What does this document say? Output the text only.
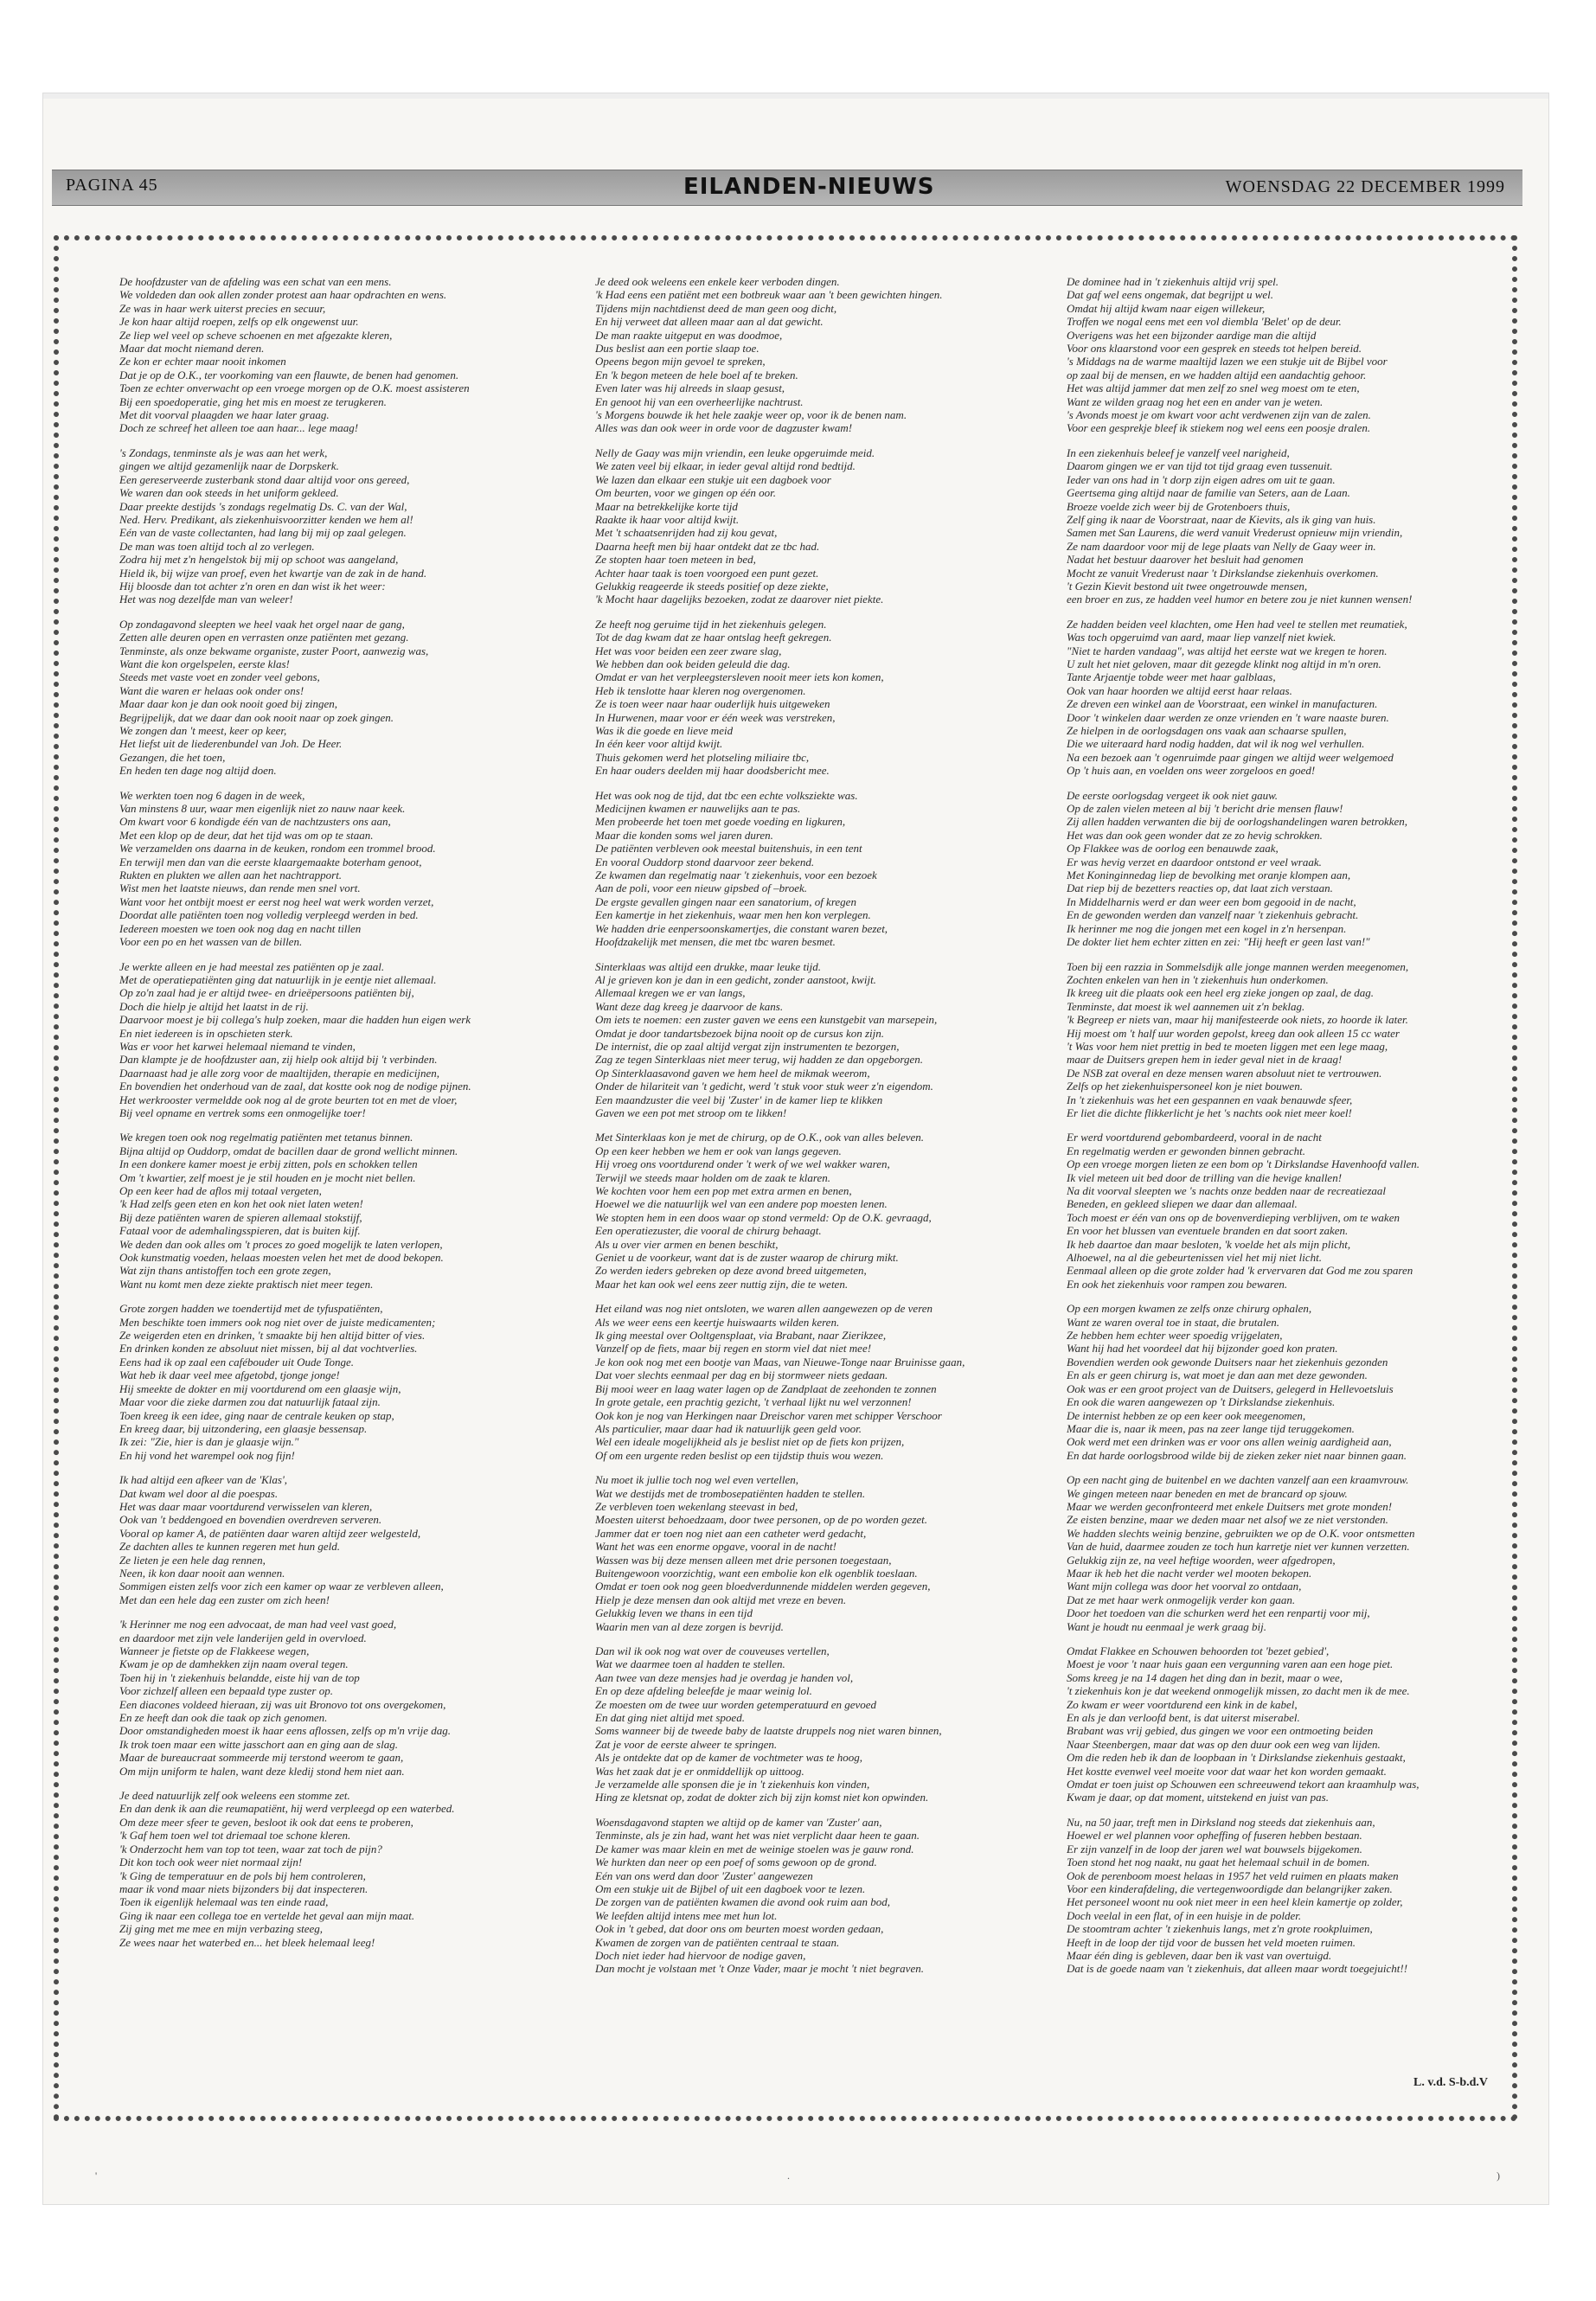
PAGINA 45	EILANDEN-NIEUWS	WOENSDAG 22 DECEMBER 1999
De hoofdzuster van de afdeling was een schat van een mens.
We voldeden dan ook allen zonder protest aan haar opdrachten en wens.
Ze was in haar werk uiterst precies en secuur,
Je kon haar altijd roepen, zelfs op elk ongewenst uur.
Ze liep wel veel op scheve schoenen en met afgezakte kleren,
Maar dat mocht niemand deren.
Ze kon er echter maar nooit inkomen
Dat je op de O.K., ter voorkoming van een flauwte, de benen had genomen.
Toen ze echter onverwacht op een vroege morgen op de O.K. moest assisteren
Bij een spoedoperatie, ging het mis en moest ze terugkeren.
Met dit voorval plaagden we haar later graag.
Doch ze schreef het alleen toe aan haar... lege maag!
's Zondags, tenminste als je was aan het werk,
gingen we altijd gezamenlijk naar de Dorpskerk.
Een gereserveerde zusterbank stond daar altijd voor ons gereed,
We waren dan ook steeds in het uniform gekleed.
Daar preekte destijds 's zondags regelmatig Ds. C. van der Wal,
Ned. Herv. Predikant, als ziekenhuisvoorzitter kenden we hem al!
Eén van de vaste collectanten, had lang bij mij op zaal gelegen.
De man was toen altijd toch al zo verlegen.
Zodra hij met z'n hengelstok bij mij op schoot was aangeland,
Hield ik, bij wijze van proef, even het kwartje van de zak in de hand.
Hij bloosde dan tot achter z'n oren en dan wist ik het weer:
Het was nog dezelfde man van weleer!
Op zondagavond sleepten we heel vaak het orgel naar de gang,
Zetten alle deuren open en verrasten onze patiënten met gezang.
Tenminste, als onze bekwame organiste, zuster Poort, aanwezig was,
Want die kon orgelspelen, eerste klas!
Steeds met vaste voet en zonder veel gebons,
Want die waren er helaas ook onder ons!
Maar daar kon je dan ook nooit goed bij zingen,
Begrijpelijk, dat we daar dan ook nooit naar op zoek gingen.
We zongen dan 't meest, keer op keer,
Het liefst uit de liederenbundel van Joh. De Heer.
Gezangen, die het toen,
En heden ten dage nog altijd doen.
We werkten toen nog 6 dagen in de week,
Van minstens 8 uur, waar men eigenlijk niet zo nauw naar keek.
Om kwart voor 6 kondigde één van de nachtzusters ons aan,
Met een klop op de deur, dat het tijd was om op te staan.
We verzamelden ons daarna in de keuken, rondom een trommel brood.
En terwijl men dan van die eerste klaargemaakte boterham genoot,
Rukten en plukten we allen aan het nachtrapport.
Wist men het laatste nieuws, dan rende men snel vort.
Want voor het ontbijt moest er eerst nog heel wat werk worden verzet,
Doordat alle patiënten toen nog volledig verpleegd werden in bed.
Iedereen moesten we toen ook nog dag en nacht tillen
Voor een po en het wassen van de billen.
Je werkte alleen en je had meestal zes patiënten op je zaal.
Met de operatiepatiënten ging dat natuurlijk in je eentje niet allemaal.
Op zo'n zaal had je er altijd twee- en drieëpersoons patiënten bij,
Doch die hielp je altijd het laatst in de rij.
Daarvoor moest je bij collega's hulp zoeken, maar die hadden hun eigen werk
En niet iedereen is in opschieten sterk.
Was er voor het karwei helemaal niemand te vinden,
Dan klampte je de hoofdzuster aan, zij hielp ook altijd bij 't verbinden.
Daarnaast had je alle zorg voor de maaltijden, therapie en medicijnen,
En bovendien het onderhoud van de zaal, dat kostte ook nog de nodige pijnen.
Het werkrooster vermeldde ook nog al de grote beurten tot en met de vloer,
Bij veel opname en vertrek soms een onmogelijke toer!
We kregen toen ook nog regelmatig patiënten met tetanus binnen.
Bijna altijd op Ouddorp, omdat de bacillen daar de grond wellicht minnen.
In een donkere kamer moest je erbij zitten, pols en schokken tellen
Om 't kwartier, zelf moest je je stil houden en je mocht niet bellen.
Op een keer had de aflos mij totaal vergeten,
'k Had zelfs geen eten en kon het ook niet laten weten!
Bij deze patiënten waren de spieren allemaal stokstijf,
Fataal voor de ademhalingsspieren, dat is buiten kijf.
We deden dan ook alles om 't proces zo goed mogelijk te laten verlopen,
Ook kunstmatig voeden, helaas moesten velen het met de dood bekopen.
Wat zijn thans antistoffen toch een grote zegen,
Want nu komt men deze ziekte praktisch niet meer tegen.
Grote zorgen hadden we toendertijd met de tyfuspatiënten,
Men beschikte toen immers ook nog niet over de juiste medicamenten;
Ze weigerden eten en drinken, 't smaakte bij hen altijd bitter of vies.
En drinken konden ze absoluut niet missen, bij al dat vochtverlies.
Eens had ik op zaal een cafébouder uit Oude Tonge.
Wat heb ik daar veel mee afgetobd, tjonge jonge!
Hij smeekte de dokter en mij voortdurend om een glaasje wijn,
Maar voor die zieke darmen zou dat natuurlijk fataal zijn.
Toen kreeg ik een idee, ging naar de centrale keuken op stap,
En kreeg daar, bij uitzondering, een glaasje bessensap.
Ik zei: "Zie, hier is dan je glaasje wijn."
En hij vond het warempel ook nog fijn!
Ik had altijd een afkeer van de 'Klas',
Dat kwam wel door al die poespas.
Het was daar maar voortdurend verwisselen van kleren,
Ook van 't beddengoed en bovendien overdreven serveren.
Vooral op kamer A, de patiënten daar waren altijd zeer welgesteld,
Ze dachten alles te kunnen regeren met hun geld.
Ze lieten je een hele dag rennen,
Neen, ik kon daar nooit aan wennen.
Sommigen eisten zelfs voor zich een kamer op waar ze verbleven alleen,
Met dan een hele dag een zuster om zich heen!
'k Herinner me nog een advocaat, de man had veel vast goed,
en daardoor met zijn vele landerijen geld in overvloed.
Wanneer je fietste op de Flakkeese wegen,
Kwam je op de damhekken zijn naam overal tegen.
Toen hij in 't ziekenhuis belandde, eiste hij van de top
Voor zichzelf alleen een bepaald type zuster op.
Een diacones voldeed hieraan, zij was uit Bronovo tot ons overgekomen,
En ze heeft dan ook die taak op zich genomen.
Door omstandigheden moest ik haar eens aflossen, zelfs op m'n vrije dag.
Ik trok toen maar een witte jasschort aan en ging aan de slag.
Maar de bureaucraat sommeerde mij terstond weerom te gaan,
Om mijn uniform te halen, want deze kledij stond hem niet aan.
Je deed natuurlijk zelf ook weleens een stomme zet.
En dan denk ik aan die reumapatiënt, hij werd verpleegd op een waterbed.
Om deze meer sfeer te geven, besloot ik ook dat eens te proberen,
'k Gaf hem toen wel tot driemaal toe schone kleren.
'k Onderzocht hem van top tot teen, waar zat toch de pijn?
Dit kon toch ook weer niet normaal zijn!
'k Ging de temperatuur en de pols bij hem controleren,
maar ik vond maar niets bijzonders bij dat inspecteren.
Toen ik eigenlijk helemaal was ten einde raad,
Ging ik naar een collega toe en vertelde het geval aan mijn maat.
Zij ging met me mee en mijn verbazing steeg,
Ze wees naar het waterbed en... het bleek helemaal leeg!
Je deed ook weleens een enkele keer verboden dingen.
'k Had eens een patiënt met een botbreuk waar aan 't been gewichten hingen.
Tijdens mijn nachtdienst deed de man geen oog dicht,
En hij verweet dat alleen maar aan al dat gewicht.
De man raakte uitgeput en was doodmoe,
Dus beslist aan een portie slaap toe.
Opeens begon mijn gevoel te spreken,
En 'k begon meteen de hele boel af te breken.
Even later was hij alreeds in slaap gesust,
En genoot hij van een overheerlijke nachtrust.
's Morgens bouwde ik het hele zaakje weer op, voor ik de benen nam.
Alles was dan ook weer in orde voor de dagzuster kwam!
Nelly de Gaay was mijn vriendin, een leuke opgeruimde meid.
We zaten veel bij elkaar, in ieder geval altijd rond bedtijd.
We lazen dan elkaar een stukje uit een dagboek voor
Om beurten, voor we gingen op één oor.
Maar na betrekkelijke korte tijd
Raakte ik haar voor altijd kwijt.
Met 't schaatsenrijden had zij kou gevat,
Daarna heeft men bij haar ontdekt dat ze tbc had.
Ze stopten haar toen meteen in bed,
Achter haar taak is toen voorgoed een punt gezet.
Gelukkig reageerde ik steeds positief op deze ziekte,
'k Mocht haar dagelijks bezoeken, zodat ze daarover niet piekte.
Ze heeft nog geruime tijd in het ziekenhuis gelegen.
Tot de dag kwam dat ze haar ontslag heeft gekregen.
Het was voor beiden een zeer zware slag,
We hebben dan ook beiden geleuld die dag.
Omdat er van het verpleegstersleven nooit meer iets kon komen,
Heb ik tenslotte haar kleren nog overgenomen.
Ze is toen weer naar haar ouderlijk huis uitgeweken
In Hurwenen, maar voor er één week was verstreken,
Was ik die goede en lieve meid
In één keer voor altijd kwijt.
Thuis gekomen werd het plotseling miliaire tbc,
En haar ouders deelden mij haar doodsbericht mee.
Het was ook nog de tijd, dat tbc een echte volksziekte was.
Medicijnen kwamen er nauwelijks aan te pas.
Men probeerde het toen met goede voeding en ligkuren,
Maar die konden soms wel jaren duren.
De patiënten verbleven ook meestal buitenshuis, in een tent
En vooral Ouddorp stond daarvoor zeer bekend.
Ze kwamen dan regelmatig naar 't ziekenhuis, voor een bezoek
Aan de poli, voor een nieuw gipsbed of –broek.
De ergste gevallen gingen naar een sanatorium, of kregen
Een kamertje in het ziekenhuis, waar men hen kon verplegen.
We hadden drie eenpersoonskamertjes, die constant waren bezet,
Hoofdzakelijk met mensen, die met tbc waren besmet.
Sinterklaas was altijd een drukke, maar leuke tijd.
Al je grieven kon je dan in een gedicht, zonder aanstoot, kwijt.
Allemaal kregen we er van langs,
Want deze dag kreeg je daarvoor de kans.
Om iets te noemen: een zuster gaven we eens een kunstgebit van marsepein,
Omdat je door tandartsbezoek bijna nooit op de cursus kon zijn.
De internist, die op zaal altijd vergat zijn instrumenten te bezorgen,
Zag ze tegen Sinterklaas niet meer terug, wij hadden ze dan opgeborgen.
Op Sinterklaasavond gaven we hem heel de mikmak weerom,
Onder de hilariteit van 't gedicht, werd 't stuk voor stuk weer z'n eigendom.
Een maandzuster die veel bij 'Zuster' in de kamer liep te klikken
Gaven we een pot met stroop om te likken!
Met Sinterklaas kon je met de chirurg, op de O.K., ook van alles beleven.
Op een keer hebben we hem er ook van langs gegeven.
Hij vroeg ons voortdurend onder 't werk of we wel wakker waren,
Terwijl we steeds maar holden om de zaak te klaren.
We kochten voor hem een pop met extra armen en benen,
Hoewel we die natuurlijk wel van een andere pop moesten lenen.
We stopten hem in een doos waar op stond vermeld: Op de O.K. gevraagd,
Een operatiezuster, die vooral de chirurg behaagt.
Als u over vier armen en benen beschikt,
Geniet u de voorkeur, want dat is de zuster waarop de chirurg mikt.
Zo werden ieders gebreken op deze avond breed uitgemeten,
Maar het kan ook wel eens zeer nuttig zijn, die te weten.
Het eiland was nog niet ontsloten, we waren allen aangewezen op de veren
Als we weer eens een keertje huiswaarts wilden keren.
Ik ging meestal over Ooltgensplaat, via Brabant, naar Zierikzee,
Vanzelf op de fiets, maar bij regen en storm viel dat niet mee!
Je kon ook nog met een bootje van Maas, van Nieuwe-Tonge naar Bruinisse gaan,
Dat voer slechts eenmaal per dag en bij stormweer niets gedaan.
Bij mooi weer en laag water lagen op de Zandplaat de zeehonden te zonnen
In grote getale, een prachtig gezicht, 't verhaal lijkt nu wel verzonnen!
Ook kon je nog van Herkingen naar Dreischor varen met schipper Verschoor
Als particulier, maar daar had ik natuurlijk geen geld voor.
Wel een ideale mogelijkheid als je beslist niet op de fiets kon prijzen,
Of om een urgente reden beslist op een tijdstip thuis wou wezen.
Nu moet ik jullie toch nog wel even vertellen,
Wat we destijds met de trombosepatiënten hadden te stellen.
Ze verbleven toen wekenlang steevast in bed,
Moesten uiterst behoedzaam, door twee personen, op de po worden gezet.
Jammer dat er toen nog niet aan een catheter werd gedacht,
Want het was een enorme opgave, vooral in de nacht!
Wassen was bij deze mensen alleen met drie personen toegestaan,
Buitengewoon voorzichtig, want een embolie kon elk ogenblik toeslaan.
Omdat er toen ook nog geen bloedverdunnende middelen werden gegeven,
Hielp je deze mensen dan ook altijd met vreze en beven.
Gelukkig leven we thans in een tijd
Waarin men van al deze zorgen is bevrijd.
Dan wil ik ook nog wat over de couveuses vertellen,
Wat we daarmee toen al hadden te stellen.
Aan twee van deze mensjes had je overdag je handen vol,
En op deze afdeling beleefde je maar weinig lol.
Ze moesten om de twee uur worden getemperatuurd en gevoed
En dat ging niet altijd met spoed.
Soms wanneer bij de tweede baby de laatste druppels nog niet waren binnen,
Zat je voor de eerste alweer te springen.
Als je ontdekte dat op de kamer de vochtmeter was te hoog,
Was het zaak dat je er onmiddellijk op uittoog.
Je verzamelde alle sponsen die je in 't ziekenhuis kon vinden,
Hing ze kletsnat op, zodat de dokter zich bij zijn komst niet kon opwinden.
Woensdagavond stapten we altijd op de kamer van 'Zuster' aan,
Tenminste, als je zin had, want het was niet verplicht daar heen te gaan.
De kamer was maar klein en met de weinige stoelen was je gauw rond.
We hurkten dan neer op een poef of soms gewoon op de grond.
Eén van ons werd dan door 'Zuster' aangewezen
Om een stukje uit de Bijbel of uit een dagboek voor te lezen.
De zorgen van de patiënten kwamen die avond ook ruim aan bod,
We leefden altijd intens mee met hun lot.
Ook in 't gebed, dat door ons om beurten moest worden gedaan,
Kwamen de zorgen van de patiënten centraal te staan.
Doch niet ieder had hiervoor de nodige gaven,
Dan mocht je volstaan met 't Onze Vader, maar je mocht 't niet begraven.
De dominee had in 't ziekenhuis altijd vrij spel.
Dat gaf wel eens ongemak, dat begrijpt u wel.
Omdat hij altijd kwam naar eigen willekeur,
Troffen we nogal eens met een vol diembla 'Belet' op de deur.
Overigens was het een bijzonder aardige man die altijd
Voor ons klaarstond voor een gesprek en steeds tot helpen bereid.
's Middags na de warme maaltijd lazen we een stukje uit de Bijbel voor
op zaal bij de mensen, en we hadden altijd een aandachtig gehoor.
Het was altijd jammer dat men zelf zo snel weg moest om te eten,
Want ze wilden graag nog het een en ander van je weten.
's Avonds moest je om kwart voor acht verdwenen zijn van de zalen.
Voor een gesprekje bleef ik stiekem nog wel eens een poosje dralen.
In een ziekenhuis beleef je vanzelf veel narigheid,
Daarom gingen we er van tijd tot tijd graag even tussenuit.
Ieder van ons had in 't dorp zijn eigen adres om uit te gaan.
Geertsema ging altijd naar de familie van Seters, aan de Laan.
Broeze voelde zich weer bij de Grotenboers thuis,
Zelf ging ik naar de Voorstraat, naar de Kievits, als ik ging van huis.
Samen met San Laurens, die werd vanuit Vrederust opnieuw mijn vriendin,
Ze nam daardoor voor mij de lege plaats van Nelly de Gaay weer in.
Nadat het bestuur daarover het besluit had genomen
Mocht ze vanuit Vrederust naar 't Dirkslandse ziekenhuis overkomen.
't Gezin Kievit bestond uit twee ongetrouwde mensen,
een broer en zus, ze hadden veel humor en betere zou je niet kunnen wensen!
Ze hadden beiden veel klachten, ome Hen had veel te stellen met reumatiek,
Was toch opgeruimd van aard, maar liep vanzelf niet kwiek.
"Niet te harden vandaag", was altijd het eerste wat we kregen te horen.
U zult het niet geloven, maar dit gezegde klinkt nog altijd in m'n oren.
Tante Arjaentje tobde weer met haar galblaas,
Ook van haar hoorden we altijd eerst haar relaas.
Ze dreven een winkel aan de Voorstraat, een winkel in manufacturen.
Door 't winkelen daar werden ze onze vrienden en 't ware naaste buren.
Ze hielpen in de oorlogsdagen ons vaak aan schaarse spullen,
Die we uiteraard hard nodig hadden, dat wil ik nog wel verhullen.
Na een bezoek aan 't ogenruimde paar gingen we altijd weer welgemoed
Op 't huis aan, en voelden ons weer zorgeloos en goed!
De eerste oorlogsdag vergeet ik ook niet gauw.
Op de zalen vielen meteen al bij 't bericht drie mensen flauw!
Zij allen hadden verwanten die bij de oorlogshandelingen waren betrokken,
Het was dan ook geen wonder dat ze zo hevig schrokken.
Op Flakkee was de oorlog een benauwde zaak,
Er was hevig verzet en daardoor ontstond er veel wraak.
Met Koninginnedag liep de bevolking met oranje klompen aan,
Dat riep bij de bezetters reacties op, dat laat zich verstaan.
In Middelharnis werd er dan weer een bom gegooid in de nacht,
En de gewonden werden dan vanzelf naar 't ziekenhuis gebracht.
Ik herinner me nog die jongen met een kogel in z'n hersenpan.
De dokter liet hem echter zitten en zei: "Hij heeft er geen last van!"
Toen bij een razzia in Sommelsdijk alle jonge mannen werden meegenomen,
Zochten enkelen van hen in 't ziekenhuis hun onderkomen.
Ik kreeg uit die plaats ook een heel erg zieke jongen op zaal, de dag.
Tenminste, dat moest ik wel aannemen uit z'n beklag.
'k Begreep er niets van, maar hij manifesteerde ook niets, zo hoorde ik later.
Hij moest om 't half uur worden gepolst, kreeg dan ook alleen 15 cc water
't Was voor hem niet prettig in bed te moeten liggen met een lege maag,
maar de Duitsers grepen hem in ieder geval niet in de kraag!
De NSB zat overal en deze mensen waren absoluut niet te vertrouwen.
Zelfs op het ziekenhuispersoneel kon je niet bouwen.
In 't ziekenhuis was het een gespannen en vaak benauwde sfeer,
Er liet die dichte flikkerlicht je het 's nachts ook niet meer koel!
Er werd voortdurend gebombardeerd, vooral in de nacht
En regelmatig werden er gewonden binnen gebracht.
Op een vroege morgen lieten ze een bom op 't Dirkslandse Havenhoofd vallen.
Ik viel meteen uit bed door de trilling van die hevige knallen!
Na dit voorval sleepten we 's nachts onze bedden naar de recreatiezaal
Beneden, en gekleed sliepen we daar dan allemaal.
Toch moest er één van ons op de bovenverdieping verblijven, om te waken
En voor het blussen van eventuele branden en dat soort zaken.
Ik heb daartoe dan maar besloten, 'k voelde het als mijn plicht,
Alhoewel, na al die gebeurtenissen viel het mij niet licht.
Eenmaal alleen op die grote zolder had 'k ervervaren dat God me zou sparen
En ook het ziekenhuis voor rampen zou bewaren.
Op een morgen kwamen ze zelfs onze chirurg ophalen,
Want ze waren overal toe in staat, die brutalen.
Ze hebben hem echter weer spoedig vrijgelaten,
Want hij had het voordeel dat hij bijzonder goed kon praten.
Bovendien werden ook gewonde Duitsers naar het ziekenhuis gezonden
En als er geen chirurg is, wat moet je dan aan met deze gewonden.
Ook was er een groot project van de Duitsers, gelegerd in Hellevoetsluis
En ook die waren aangewezen op 't Dirkslandse ziekenhuis.
De internist hebben ze op een keer ook meegenomen,
Maar die is, naar ik meen, pas na zeer lange tijd teruggekomen.
Ook werd met een drinken was er voor ons allen weinig aardigheid aan,
En dat harde oorlogsbrood wilde bij de zieken zeker niet naar binnen gaan.
Op een nacht ging de buitenbel en we dachten vanzelf aan een kraamvrouw.
We gingen meteen naar beneden en met de brancard op sjouw.
Maar we werden geconfronteerd met enkele Duitsers met grote monden!
Ze eisten benzine, maar we deden maar net alsof we ze niet verstonden.
We hadden slechts weinig benzine, gebruikten we op de O.K. voor ontsmetten
Van de huid, daarmee zouden ze toch hun karretje niet ver kunnen verzetten.
Gelukkig zijn ze, na veel heftige woorden, weer afgedropen,
Maar ik heb het die nacht verder wel mooten bekopen.
Want mijn collega was door het voorval zo ontdaan,
Dat ze met haar werk onmogelijk verder kon gaan.
Door het toedoen van die schurken werd het een renpartij voor mij,
Want je houdt nu eenmaal je werk graag bij.
Omdat Flakkee en Schouwen behoorden tot 'bezet gebied',
Moest je voor 't naar huis gaan een vergunning varen aan een hoge piet.
Soms kreeg je na 14 dagen het ding dan in bezit, maar o wee,
't ziekenhuis kon je dat weekend onmogelijk missen, zo dacht men ik de mee.
Zo kwam er weer voortdurend een kink in de kabel,
En als je dan verloofd bent, is dat uiterst miserabel.
Brabant was vrij gebied, dus gingen we voor een ontmoeting beiden
Naar Steenbergen, maar dat was op den duur ook een weg van lijden.
Om die reden heb ik dan de loopbaan in 't Dirkslandse ziekenhuis gestaakt,
Het kostte evenwel veel moeite voor dat waar het kon worden gemaakt.
Omdat er toen juist op Schouwen een schreeuwend tekort aan kraamhulp was,
Kwam je daar, op dat moment, uitstekend en juist van pas.
Nu, na 50 jaar, treft men in Dirksland nog steeds dat ziekenhuis aan,
Hoewel er wel plannen voor opheffing of fuseren hebben bestaan.
Er zijn vanzelf in de loop der jaren wel wat bouwsels bijgekomen.
Toen stond het nog naakt, nu gaat het helemaal schuil in de bomen.
Ook de perenboom moest helaas in 1957 het veld ruimen en plaats maken
Voor een kinderafdeling, die vertegenwoordigde dan belangrijker zaken.
Het personeel woont nu ook niet meer in een heel klein kamertje op zolder,
Doch veelal in een flat, of in een huisje in de polder.
De stoomtram achter 't ziekenhuis langs, met z'n grote rookpluimen,
Heeft in de loop der tijd voor de bussen het veld moeten ruimen.
Maar één ding is gebleven, daar ben ik vast van overtuigd.
Dat is de goede naam van 't ziekenhuis, dat alleen maar wordt toegejuicht!!
L. v.d. S-b.d.V
'	.	)
